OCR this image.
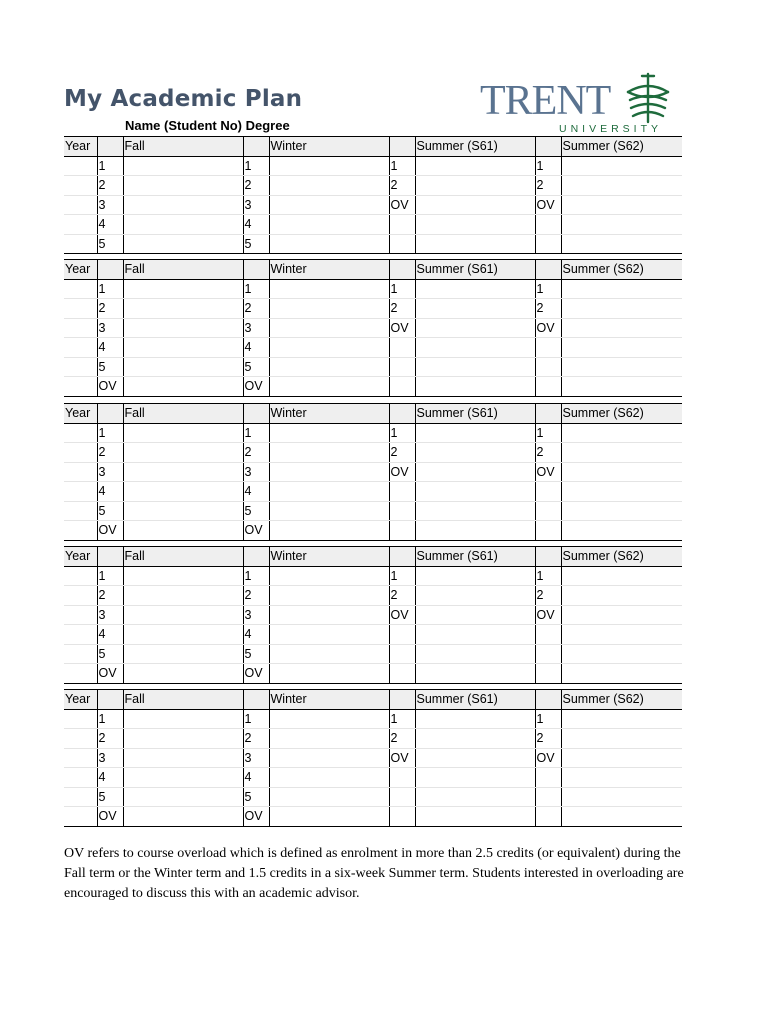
My Academic Plan
Name (Student No) Degree
TRENT
UNIVERSITY
Year		Fall		Winter		Summer (S61)		Summer (S62)
	1		1		1		1	
	2		2		2		2	
	3		3		OV		OV	
	4		4					
	5		5					
Year		Fall		Winter		Summer (S61)		Summer (S62)
	1		1		1		1	
	2		2		2		2	
	3		3		OV		OV	
	4		4					
	5		5					
	OV		OV					
Year		Fall		Winter		Summer (S61)		Summer (S62)
	1		1		1		1	
	2		2		2		2	
	3		3		OV		OV	
	4		4					
	5		5					
	OV		OV					
Year		Fall		Winter		Summer (S61)		Summer (S62)
	1		1		1		1	
	2		2		2		2	
	3		3		OV		OV	
	4		4					
	5		5					
	OV		OV					
Year		Fall		Winter		Summer (S61)		Summer (S62)
	1		1		1		1	
	2		2		2		2	
	3		3		OV		OV	
	4		4					
	5		5					
	OV		OV					
OV refers to course overload which is defined as enrolment in more than 2.5 credits (or equivalent) during the Fall term or the Winter term and 1.5 credits in a six-week Summer term. Students interested in overloading are encouraged to discuss this with an academic advisor.
